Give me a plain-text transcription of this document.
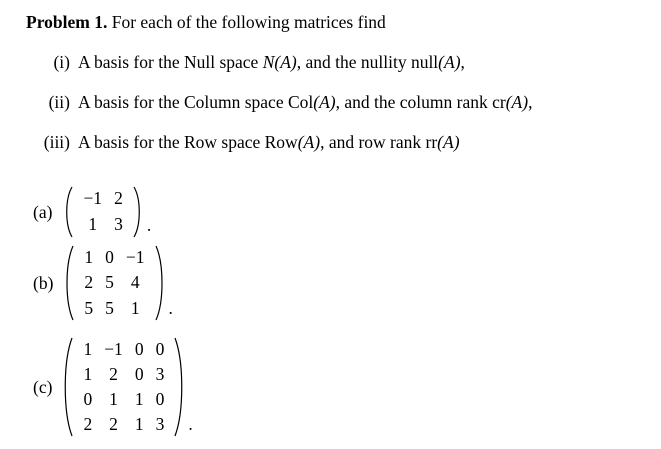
Problem 1. For each of the following matrices find
(i) A basis for the Null space N(A), and the nullity null(A),
(ii) A basis for the Column space Col(A), and the column rank cr(A),
(iii) A basis for the Row space Row(A), and row rank rr(A)
(a)
−1 2
1 3	.
(b)
1 0 −1
2 5 4
5 5 1	.
(c)
1 −1 0 0
1 2 0 3
0 1 1 0
2 2 1 3	.
